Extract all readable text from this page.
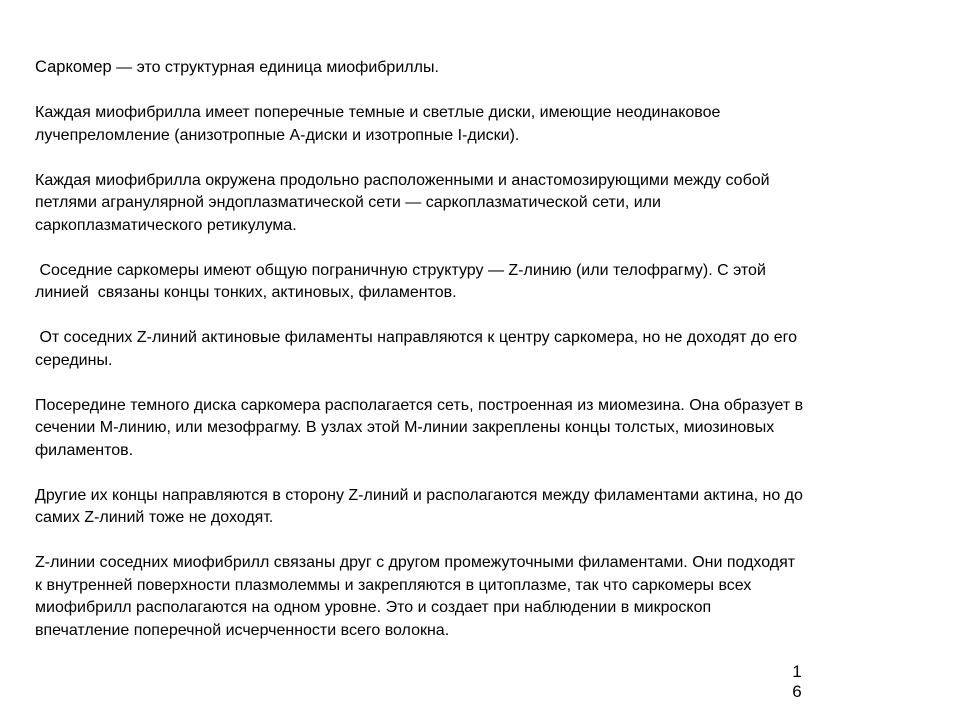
Саркомер — это структурная единица миофибриллы.

Каждая миофибрилла имеет поперечные темные и светлые диски, имеющие неодинаковое
лучепреломление (анизотропные А-диски и изотропные I-диски).

Каждая миофибрилла окружена продольно расположенными и анастомозирующими между собой
петлями агранулярной эндоплазматической сети — саркоплазматической сети, или
саркоплазматического ретикулума.

Соседние саркомеры имеют общую пограничную структуру — Z-линию (или телофрагму). С этой
линией  связаны концы тонких, актиновых, филаментов.

От соседних Z-линий актиновые филаменты направляются к центру саркомера, но не доходят до его
середины.

Посередине темного диска саркомера располагается сеть, построенная из миомезина. Она образует в
сечении М-линию, или мезофрагму. В узлах этой М-линии закреплены концы толстых, миозиновых
филаментов.

Другие их концы направляются в сторону Z-линий и располагаются между филаментами актина, но до
самих Z-линий тоже не доходят.

Z-линии соседних миофибрилл связаны друг с другом промежуточными филаментами. Они подходят
к внутренней поверхности плазмолеммы и закрепляются в цитоплазме, так что саркомеры всех
миофибрилл располагаются на одном уровне. Это и создает при наблюдении в микроскоп
впечатление поперечной исчерченности всего волокна.

1
6
